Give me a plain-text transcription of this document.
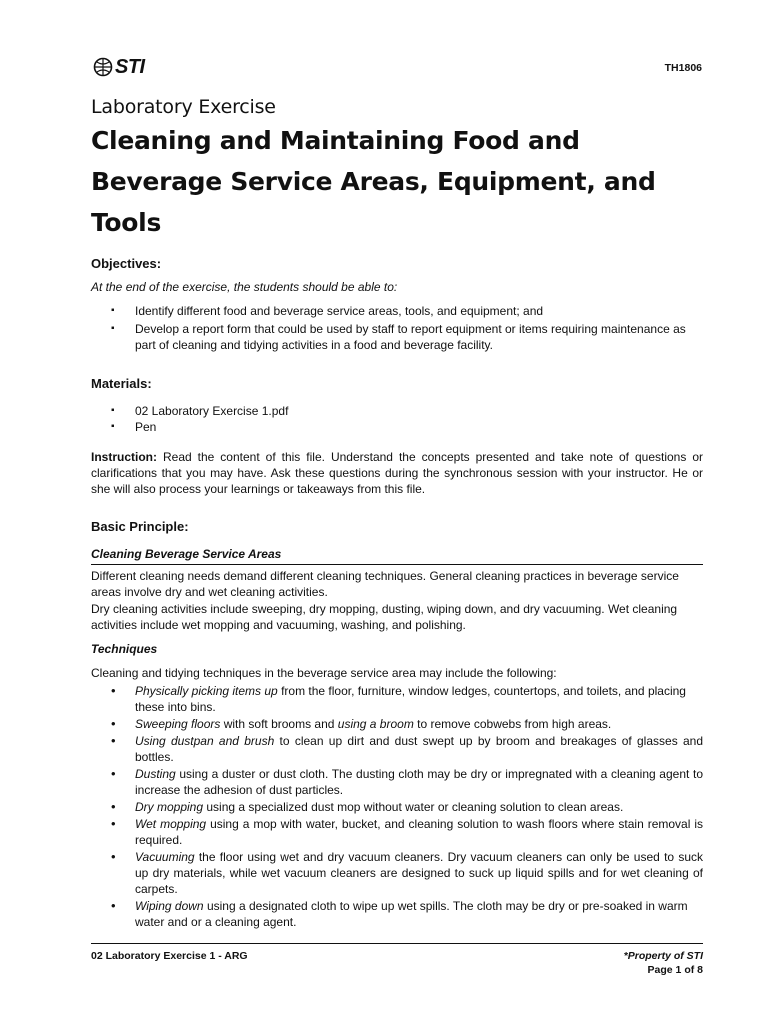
STI	TH1806

Laboratory Exercise

Cleaning and Maintaining Food and

Beverage Service Areas, Equipment, and

Tools

Objectives:

At the end of the exercise, the students should be able to:

▪ Identify different food and beverage service areas, tools, and equipment; and
▪ Develop a report form that could be used by staff to report equipment or items requiring maintenance as part of cleaning and tidying activities in a food and beverage facility.

Materials:

▪ 02 Laboratory Exercise 1.pdf
▪ Pen

Instruction: Read the content of this file. Understand the concepts presented and take note of questions or clarifications that you may have. Ask these questions during the synchronous session with your instructor. He or she will also process your learnings or takeaways from this file.

Basic Principle:

Cleaning Beverage Service Areas

Different cleaning needs demand different cleaning techniques. General cleaning practices in beverage service areas involve dry and wet cleaning activities.

Dry cleaning activities include sweeping, dry mopping, dusting, wiping down, and dry vacuuming. Wet cleaning activities include wet mopping and vacuuming, washing, and polishing.

Techniques

Cleaning and tidying techniques in the beverage service area may include the following:

• Physically picking items up from the floor, furniture, window ledges, countertops, and toilets, and placing these into bins.
• Sweeping floors with soft brooms and using a broom to remove cobwebs from high areas.
• Using dustpan and brush to clean up dirt and dust swept up by broom and breakages of glasses and bottles.
• Dusting using a duster or dust cloth. The dusting cloth may be dry or impregnated with a cleaning agent to increase the adhesion of dust particles.
• Dry mopping using a specialized dust mop without water or cleaning solution to clean areas.
• Wet mopping using a mop with water, bucket, and cleaning solution to wash floors where stain removal is required.
• Vacuuming the floor using wet and dry vacuum cleaners. Dry vacuum cleaners can only be used to suck up dry materials, while wet vacuum cleaners are designed to suck up liquid spills and for wet cleaning of carpets.
• Wiping down using a designated cloth to wipe up wet spills. The cloth may be dry or pre-soaked in warm water and or a cleaning agent.
02 Laboratory Exercise 1 - ARG	*Property of STI
Page 1 of 8
